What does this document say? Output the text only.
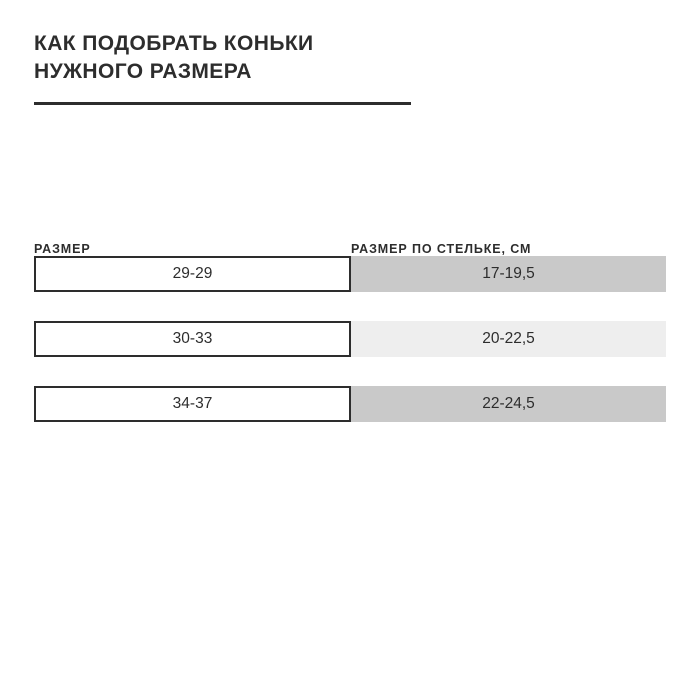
КАК ПОДОБРАТЬ КОНЬКИ
НУЖНОГО РАЗМЕРА
РАЗМЕР	РАЗМЕР ПО СТЕЛЬКЕ, СМ
29-29	17-19,5
30-33	20-22,5
34-37	22-24,5
